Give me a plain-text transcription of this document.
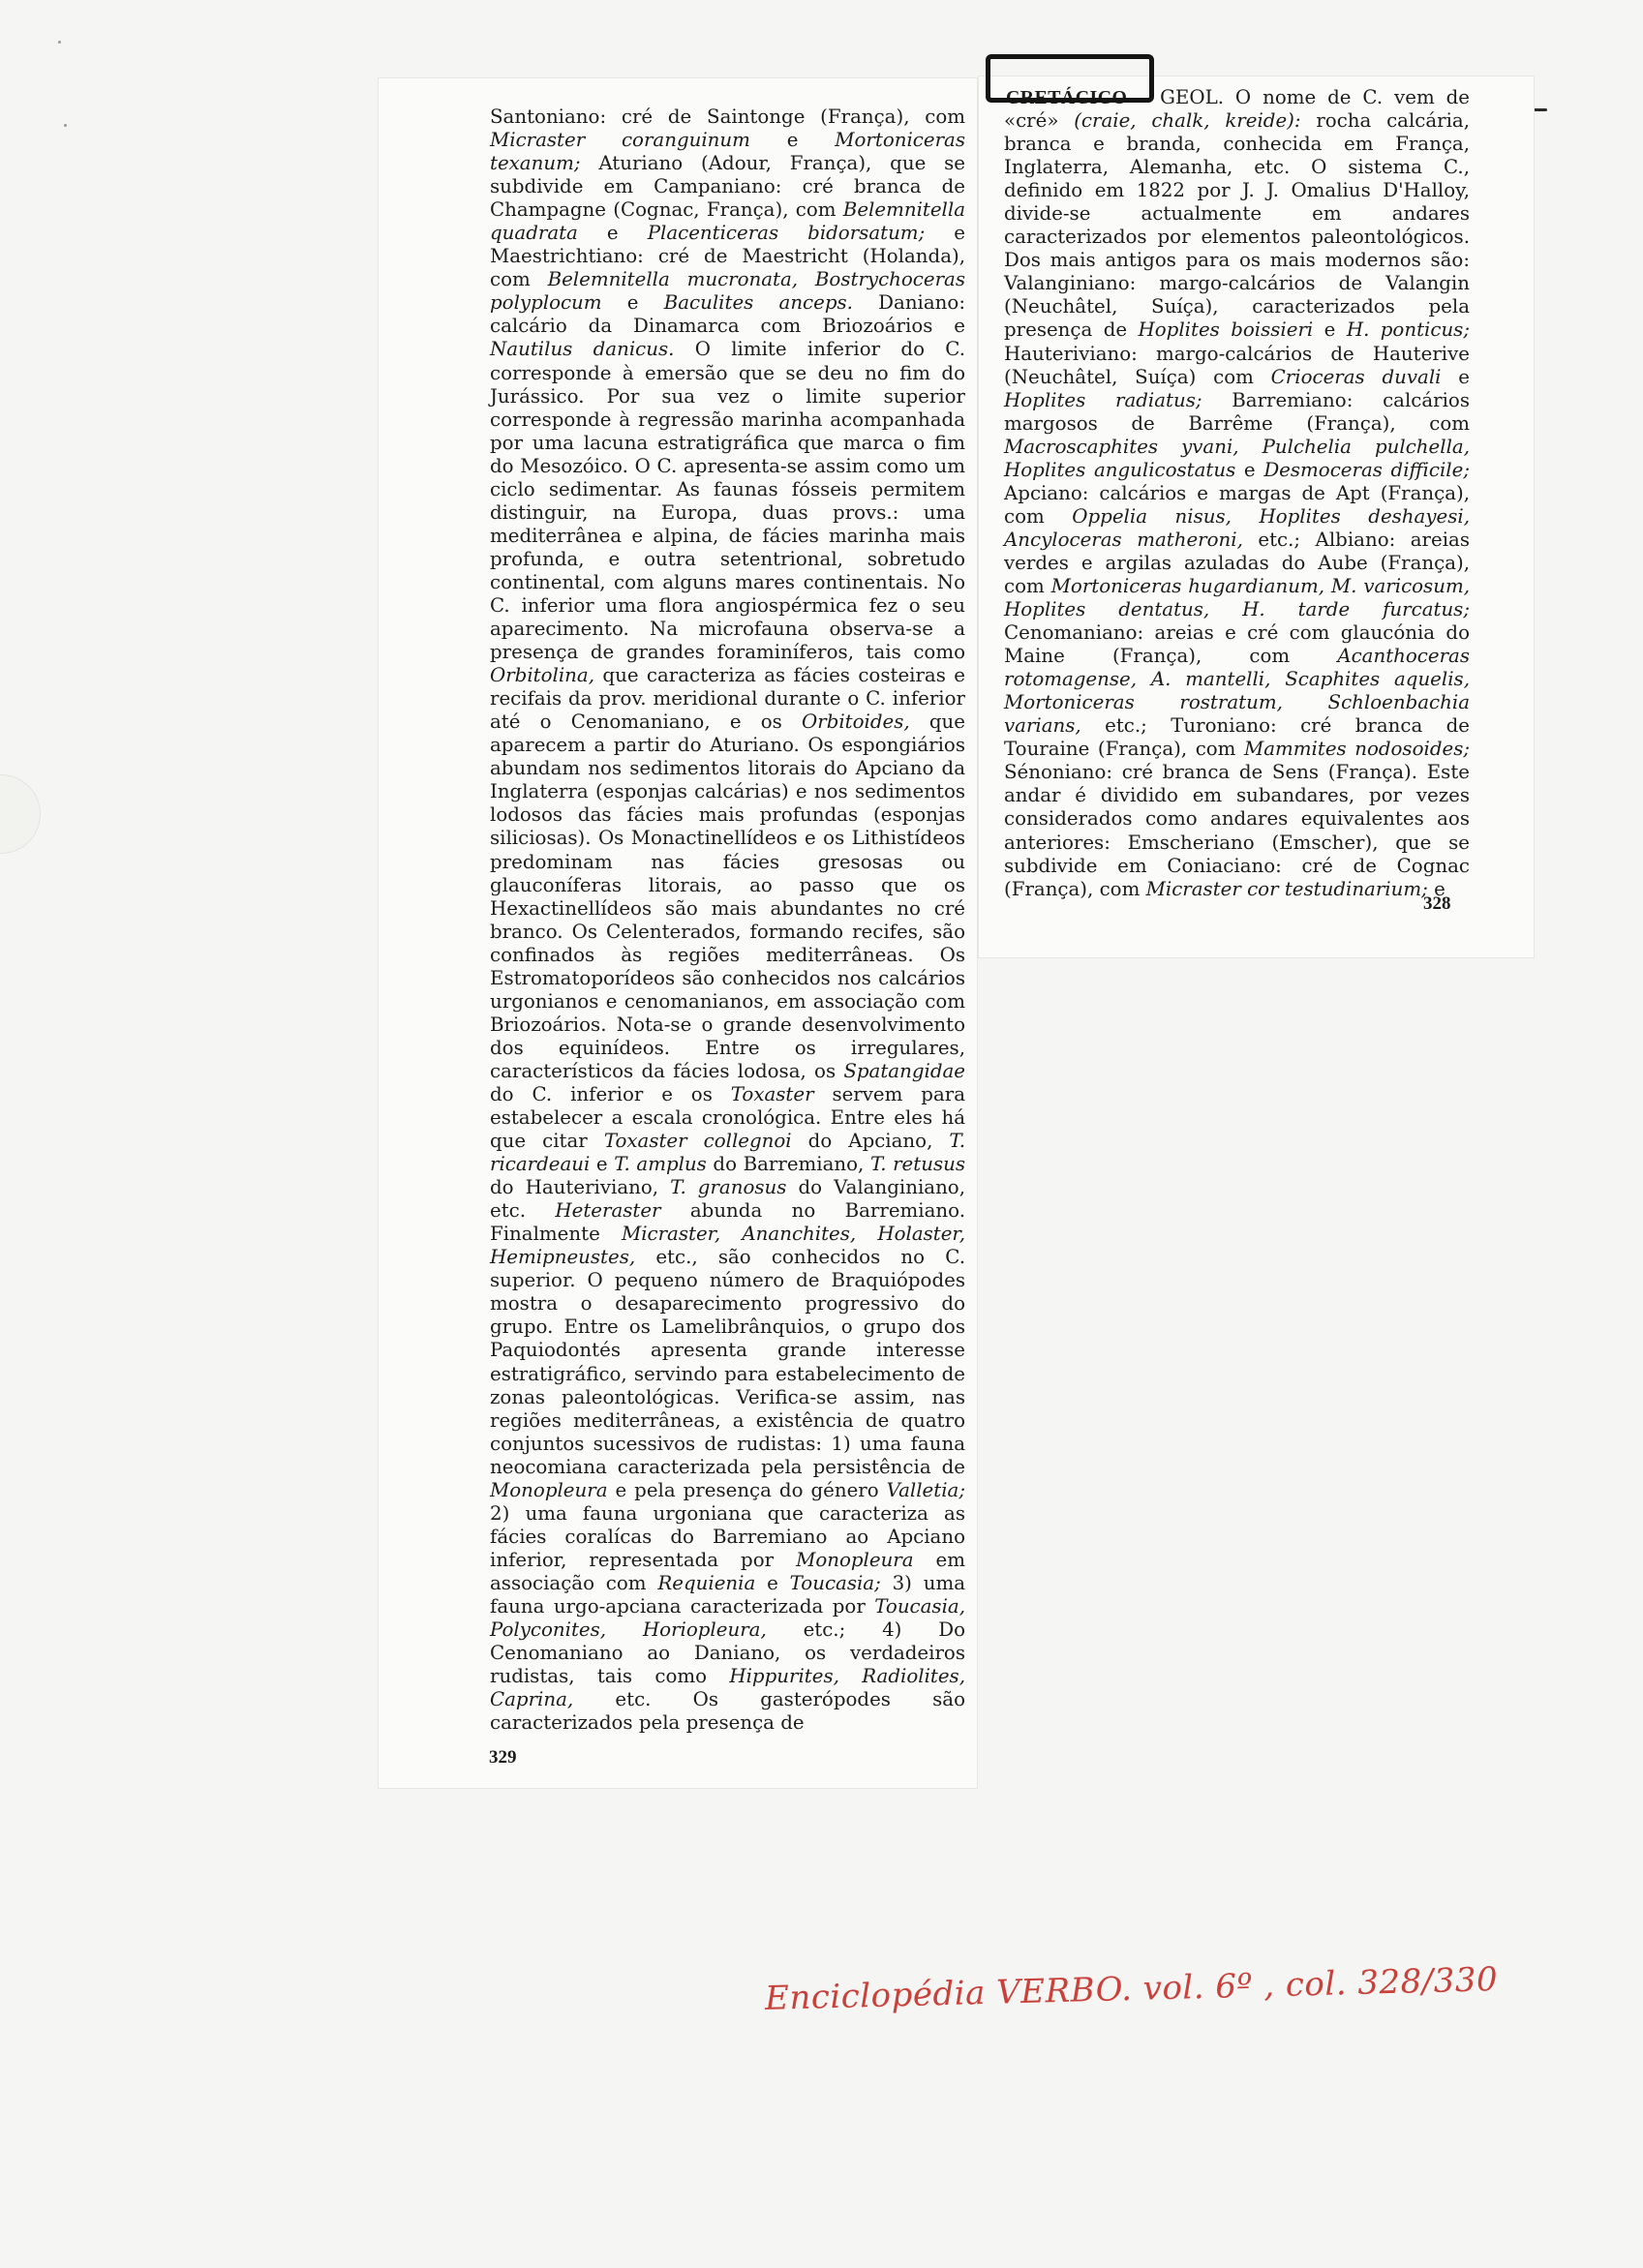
Santoniano: cré de Saintonge (França), com Micraster coranguinum e Mortoniceras texanum; Aturiano (Adour, França), que se subdivide em Campaniano: cré branca de Champagne (Cognac, França), com Belemnitella quadrata e Placenticeras bidorsatum; e Maestrichtiano: cré de Maestricht (Holanda), com Belemnitella mucronata, Bostrychoceras polyplocum e Baculites anceps. Daniano: calcário da Dinamarca com Briozoários e Nautilus danicus. O limite inferior do C. corresponde à emersão que se deu no fim do Jurássico. Por sua vez o limite superior corresponde à regressão marinha acompanhada por uma lacuna estratigráfica que marca o fim do Mesozóico. O C. apresenta-se assim como um ciclo sedimentar. As faunas fósseis permitem distinguir, na Europa, duas provs.: uma mediterrânea e alpina, de fácies marinha mais profunda, e outra setentrional, sobretudo continental, com alguns mares continentais. No C. inferior uma flora angiospérmica fez o seu aparecimento. Na microfauna observa-se a presença de grandes foraminíferos, tais como Orbitolina, que caracteriza as fácies costeiras e recifais da prov. meridional durante o C. inferior até o Cenomaniano, e os Orbitoides, que aparecem a partir do Aturiano. Os espongiários abundam nos sedimentos litorais do Apciano da Inglaterra (esponjas calcárias) e nos sedimentos lodosos das fácies mais profundas (esponjas siliciosas). Os Monactinellídeos e os Lithistídeos predominam nas fácies gresosas ou glauconíferas litorais, ao passo que os Hexactinellídeos são mais abundantes no cré branco. Os Celenterados, formando recifes, são confinados às regiões mediterrâneas. Os Estromatoporídeos são conhecidos nos calcários urgonianos e cenomanianos, em associação com Briozoários. Nota-se o grande desenvolvimento dos equinídeos. Entre os irregulares, característicos da fácies lodosa, os Spatangidae do C. inferior e os Toxaster servem para estabelecer a escala cronológica. Entre eles há que citar Toxaster collegnoi do Apciano, T. ricardeaui e T. amplus do Barremiano, T. retusus do Hauteriviano, T. granosus do Valanginiano, etc. Heteraster abunda no Barremiano. Finalmente Micraster, Ananchites, Holaster, Hemipneustes, etc., são conhecidos no C. superior. O pequeno número de Braquiópodes mostra o desaparecimento progressivo do grupo. Entre os Lamelibrânquios, o grupo dos Paquiodontés apresenta grande interesse estratigráfico, servindo para estabelecimento de zonas paleontológicas. Verifica-se assim, nas regiões mediterrâneas, a existência de quatro conjuntos sucessivos de rudistas: 1) uma fauna neocomiana caracterizada pela persistência de Monopleura e pela presença do género Valletia; 2) uma fauna urgoniana que caracteriza as fácies coralícas do Barremiano ao Apciano inferior, representada por Monopleura em associação com Requienia e Toucasia; 3) uma fauna urgo-apciana caracterizada por Toucasia, Polyconites, Horiopleura, etc.; 4) Do Cenomaniano ao Daniano, os verdadeiros rudistas, tais como Hippurites, Radiolites, Caprina, etc. Os gasterópodes são caracterizados pela presença de

329

CRETÁCICO — GEOL. O nome de C. vem de «cré» (craie, chalk, kreide): rocha calcária, branca e branda, conhecida em França, Inglaterra, Alemanha, etc. O sistema C., definido em 1822 por J. J. Omalius D'Halloy, divide-se actualmente em andares caracterizados por elementos paleontológicos. Dos mais antigos para os mais modernos são: Valanginiano: margo-calcários de Valangin (Neuchâtel, Suíça), caracterizados pela presença de Hoplites boissieri e H. ponticus; Hauteriviano: margo-calcários de Hauterive (Neuchâtel, Suíça) com Crioceras duvali e Hoplites radiatus; Barremiano: calcários margosos de Barrême (França), com Macroscaphites yvani, Pulchelia pulchella, Hoplites angulicostatus e Desmoceras difficile; Apciano: calcários e margas de Apt (França), com Oppelia nisus, Hoplites deshayesi, Ancyloceras matheroni, etc.; Albiano: areias verdes e argilas azuladas do Aube (França), com Mortoniceras hugardianum, M. varicosum, Hoplites dentatus, H. tarde furcatus; Cenomaniano: areias e cré com glaucónia do Maine (França), com Acanthoceras rotomagense, A. mantelli, Scaphites aquelis, Mortoniceras rostratum, Schloenbachia varians, etc.; Turoniano: cré branca de Touraine (França), com Mammites nodosoides; Sénoniano: cré branca de Sens (França). Este andar é dividido em subandares, por vezes considerados como andares equivalentes aos anteriores: Emscheriano (Emscher), que se subdivide em Coniaciano: cré de Cognac (França), com Micraster cor testudinarium; e

328
Enciclopédia VERBO. vol. 6º , col. 328/330
